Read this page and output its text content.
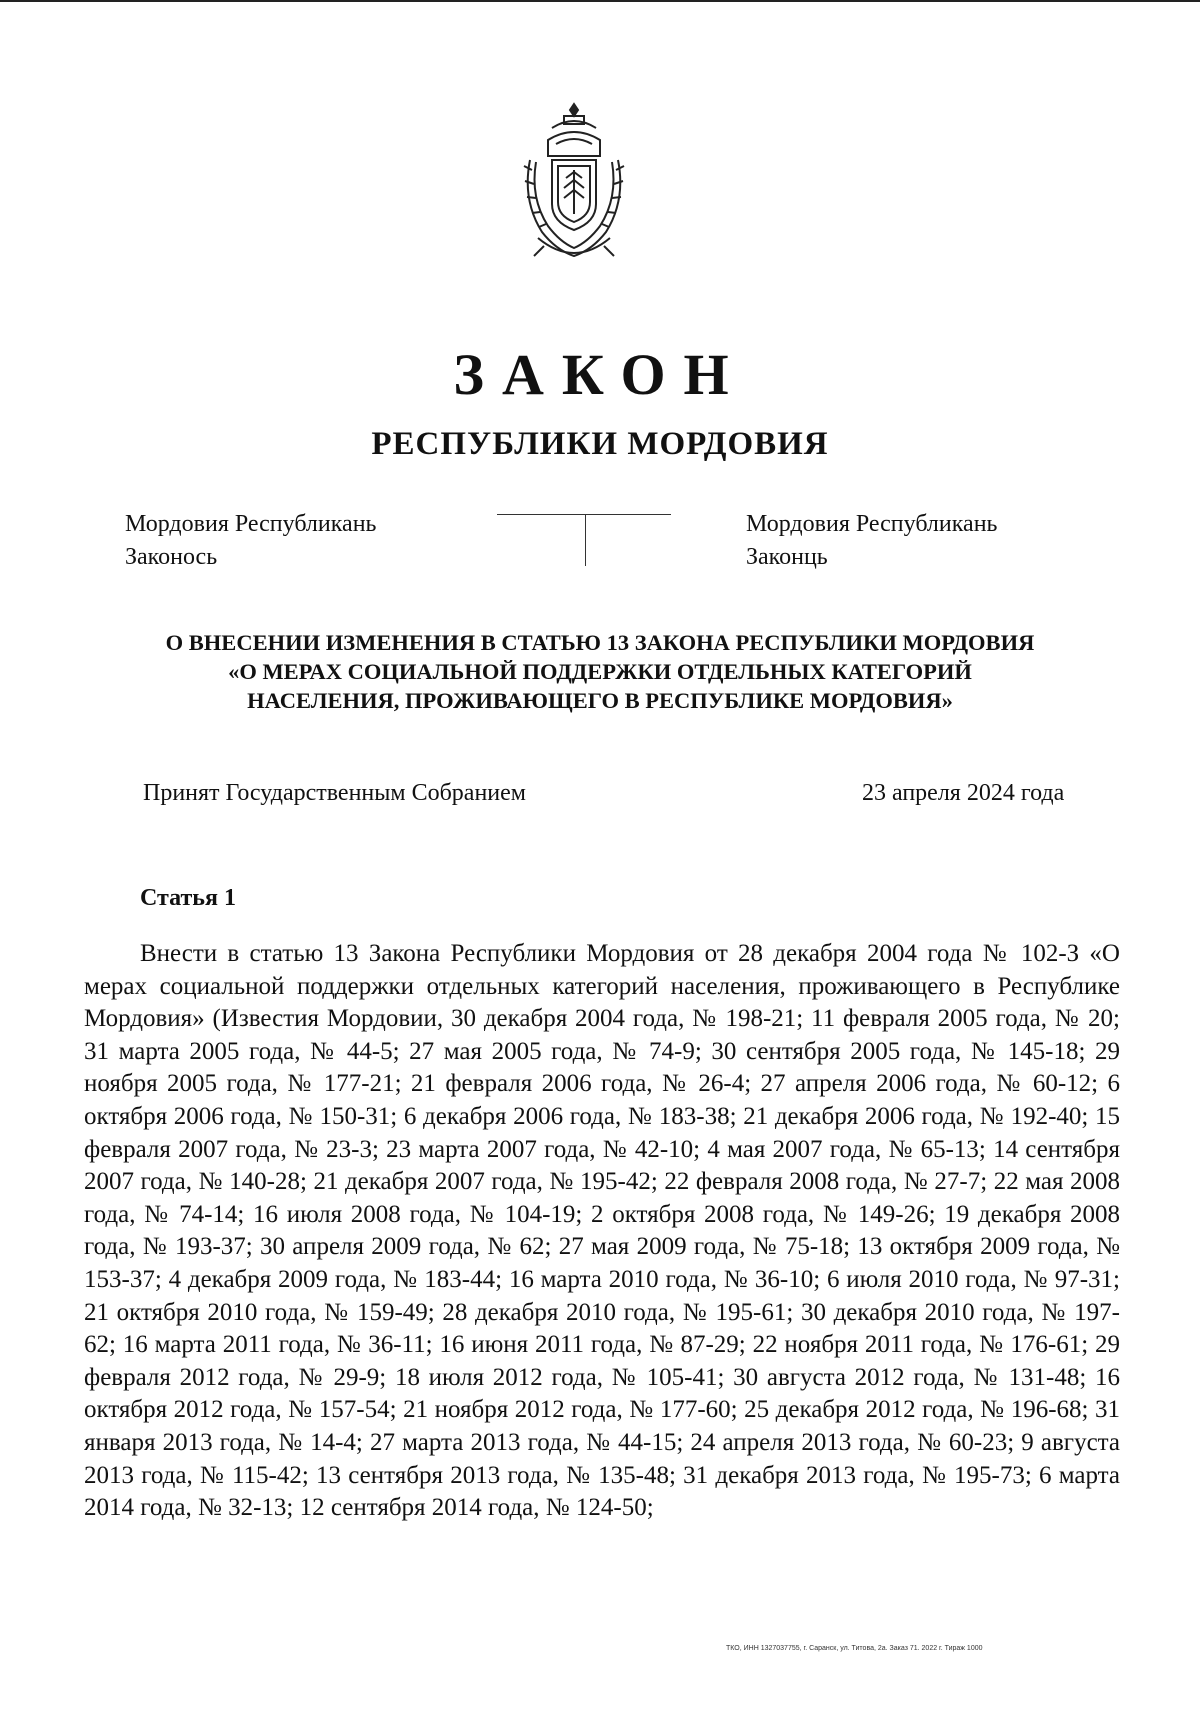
ЗАКОН
РЕСПУБЛИКИ МОРДОВИЯ
Мордовия Республикань
Законось
Мордовия Республикань
Законць
О ВНЕСЕНИИ ИЗМЕНЕНИЯ В СТАТЬЮ 13 ЗАКОНА РЕСПУБЛИКИ МОРДОВИЯ
«О МЕРАХ СОЦИАЛЬНОЙ ПОДДЕРЖКИ ОТДЕЛЬНЫХ КАТЕГОРИЙ
НАСЕЛЕНИЯ, ПРОЖИВАЮЩЕГО В РЕСПУБЛИКЕ МОРДОВИЯ»
Принят Государственным Собранием	23 апреля 2024 года
Статья 1

Внести в статью 13 Закона Республики Мордовия от 28 декабря 2004 года № 102-З «О мерах социальной поддержки отдельных категорий населения, проживающего в Республике Мордовия» (Известия Мордовии, 30 декабря 2004 года, № 198-21; 11 февраля 2005 года, № 20; 31 марта 2005 года, № 44-5; 27 мая 2005 года, № 74-9; 30 сентября 2005 года, № 145-18; 29 ноября 2005 года, № 177-21; 21 февраля 2006 года, № 26-4; 27 апреля 2006 года, № 60-12; 6 октября 2006 года, № 150-31; 6 декабря 2006 года, № 183-38; 21 декабря 2006 года, № 192-40; 15 февраля 2007 года, № 23-3; 23 марта 2007 года, № 42-10; 4 мая 2007 года, № 65-13; 14 сентября 2007 года, № 140-28; 21 декабря 2007 года, № 195-42; 22 февраля 2008 года, № 27-7; 22 мая 2008 года, № 74-14; 16 июля 2008 года, № 104-19; 2 октября 2008 года, № 149-26; 19 декабря 2008 года, № 193-37; 30 апреля 2009 года, № 62; 27 мая 2009 года, № 75-18; 13 октября 2009 года, № 153-37; 4 декабря 2009 года, № 183-44; 16 марта 2010 года, № 36-10; 6 июля 2010 года, № 97-31; 21 октября 2010 года, № 159-49; 28 декабря 2010 года, № 195-61; 30 декабря 2010 года, № 197-62; 16 марта 2011 года, № 36-11; 16 июня 2011 года, № 87-29; 22 ноября 2011 года, № 176-61; 29 февраля 2012 года, № 29-9; 18 июля 2012 года, № 105-41; 30 августа 2012 года, № 131-48; 16 октября 2012 года, № 157-54; 21 ноября 2012 года, № 177-60; 25 декабря 2012 года, № 196-68; 31 января 2013 года, № 14-4; 27 марта 2013 года, № 44-15; 24 апреля 2013 года, № 60-23; 9 августа 2013 года, № 115-42; 13 сентября 2013 года, № 135-48; 31 декабря 2013 года, № 195-73; 6 марта 2014 года, № 32-13; 12 сентября 2014 года, № 124-50;

ТКО, ИНН 1327037755, г. Саранск, ул. Титова, 2а. Заказ 71. 2022 г. Тираж 1000
